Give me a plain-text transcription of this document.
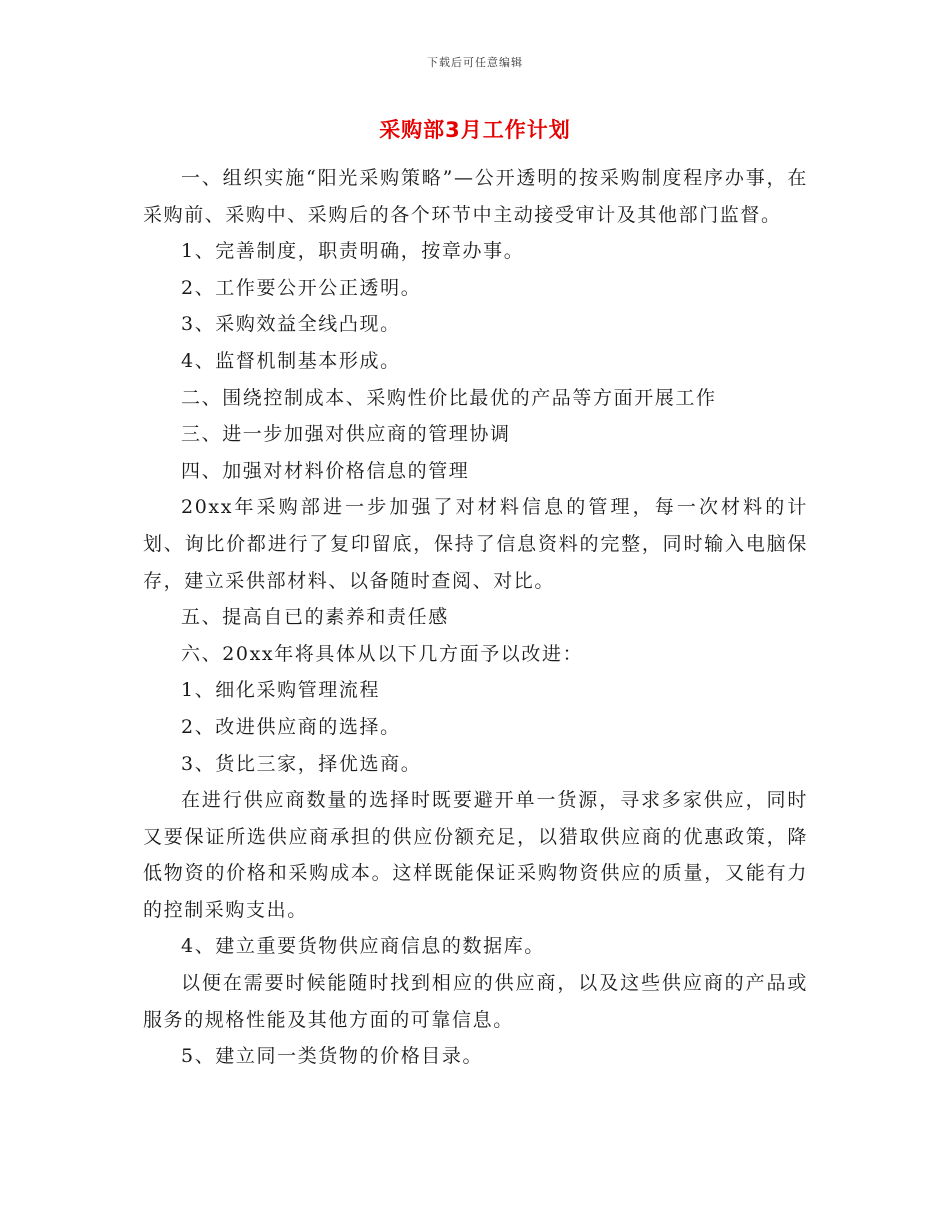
下载后可任意编辑
采购部3月工作计划

一、组织实施“阳光采购策略”—公开透明的按采购制度程序办事，在采购前、采购中、采购后的各个环节中主动接受审计及其他部门监督。

1、完善制度，职责明确，按章办事。

2、工作要公开公正透明。

3、采购效益全线凸现。

4、监督机制基本形成。

二、围绕控制成本、采购性价比最优的产品等方面开展工作

三、进一步加强对供应商的管理协调

四、加强对材料价格信息的管理

20xx年采购部进一步加强了对材料信息的管理，每一次材料的计划、询比价都进行了复印留底，保持了信息资料的完整，同时输入电脑保存，建立采供部材料、以备随时查阅、对比。

五、提高自已的素养和责任感

六、20xx年将具体从以下几方面予以改进：

1、细化采购管理流程

2、改进供应商的选择。

3、货比三家，择优选商。

在进行供应商数量的选择时既要避开单一货源，寻求多家供应，同时又要保证所选供应商承担的供应份额充足，以猎取供应商的优惠政策，降低物资的价格和采购成本。这样既能保证采购物资供应的质量，又能有力的控制采购支出。

4、建立重要货物供应商信息的数据库。

以便在需要时候能随时找到相应的供应商，以及这些供应商的产品或服务的规格性能及其他方面的可靠信息。

5、建立同一类货物的价格目录。
